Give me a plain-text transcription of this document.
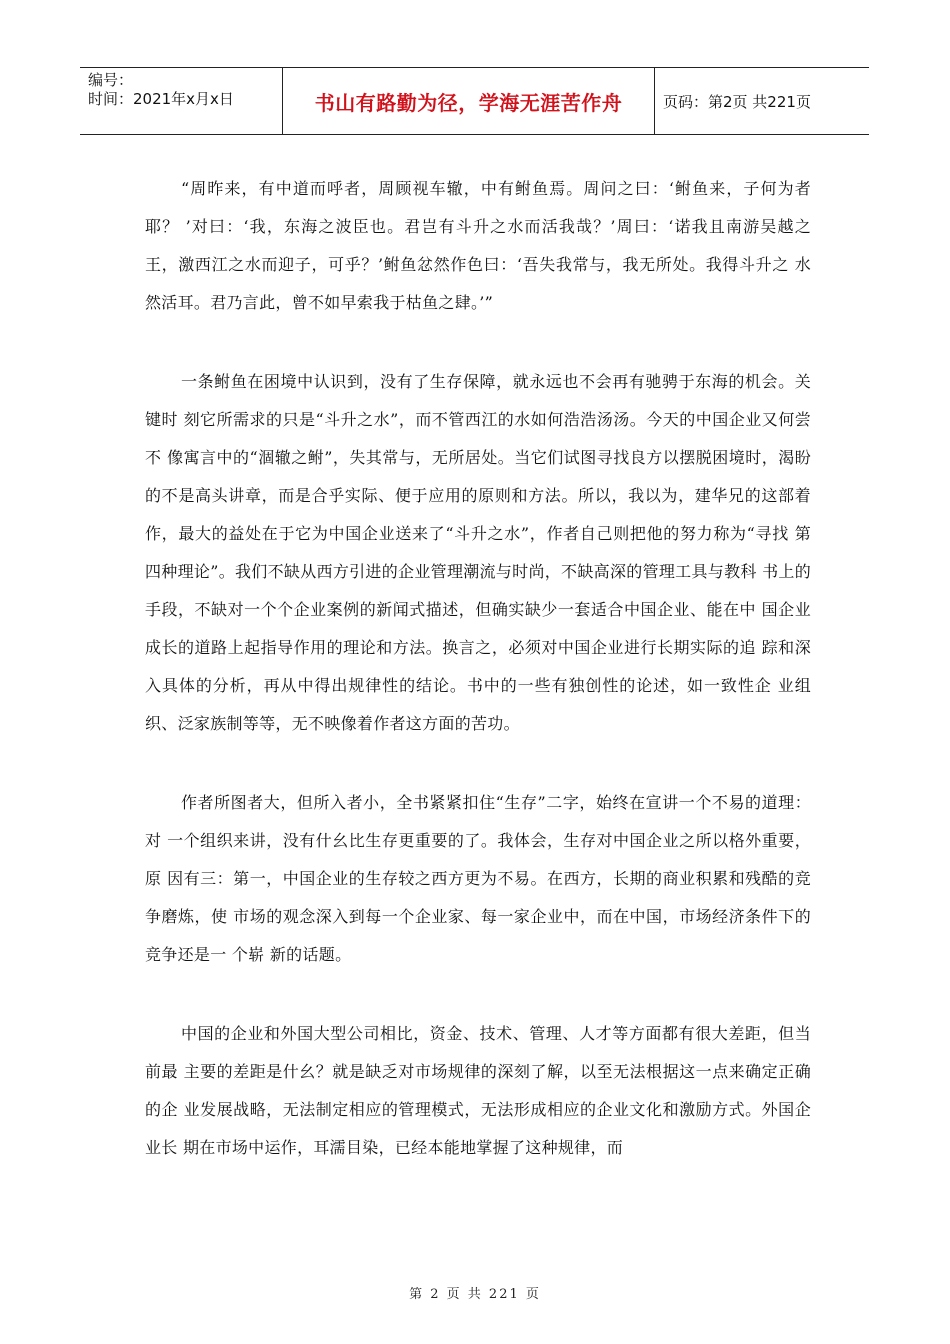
编号：
时间：2021年x月x日	书山有路勤为径，学海无涯苦作舟	页码：第2页 共221页

“周昨来，有中道而呼者，周顾视车辙，中有鲋鱼焉。周问之曰：‘鲋鱼来，子何为者耶？ ’对曰：‘我，东海之波臣也。君岂有斗升之水而活我哉？’周曰：‘诺我且南游吴越之 王，激西江之水而迎子，可乎？’鲋鱼忿然作色曰：‘吾失我常与，我无所处。我得斗升之 水然活耳。君乃言此，曾不如早索我于枯鱼之肆。’”

一条鲋鱼在困境中认识到，没有了生存保障，就永远也不会再有驰骋于东海的机会。关键时 刻它所需求的只是“斗升之水”，而不管西江的水如何浩浩汤汤。今天的中国企业又何尝不 像寓言中的“涸辙之鲋”，失其常与，无所居处。当它们试图寻找良方以摆脱困境时，渴盼 的不是高头讲章，而是合乎实际、便于应用的原则和方法。所以，我以为，建华兄的这部着 作，最大的益处在于它为中国企业送来了“斗升之水”，作者自己则把他的努力称为“寻找 第四种理论”。我们不缺从西方引进的企业管理潮流与时尚，不缺高深的管理工具与教科 书上的手段，不缺对一个个企业案例的新闻式描述，但确实缺少一套适合中国企业、能在中 国企业成长的道路上起指导作用的理论和方法。换言之，必须对中国企业进行长期实际的追 踪和深入具体的分析，再从中得出规律性的结论。书中的一些有独创性的论述，如一致性企 业组织、泛家族制等等，无不映像着作者这方面的苦功。

作者所图者大，但所入者小，全书紧紧扣住“生存”二字，始终在宣讲一个不易的道理：对 一个组织来讲，没有什幺比生存更重要的了。我体会，生存对中国企业之所以格外重要，原 因有三：第一，中国企业的生存较之西方更为不易。在西方，长期的商业积累和残酷的竞争磨炼，使 市场的观念深入到每一个企业家、每一家企业中，而在中国，市场经济条件下的竞争还是一 个崭 新的话题。

中国的企业和外国大型公司相比，资金、技术、管理、人才等方面都有很大差距，但当前最 主要的差距是什幺？就是缺乏对市场规律的深刻了解，以至无法根据这一点来确定正确的企 业发展战略，无法制定相应的管理模式，无法形成相应的企业文化和激励方式。外国企业长 期在市场中运作，耳濡目染，已经本能地掌握了这种规律，而

第 2 页 共 221 页
